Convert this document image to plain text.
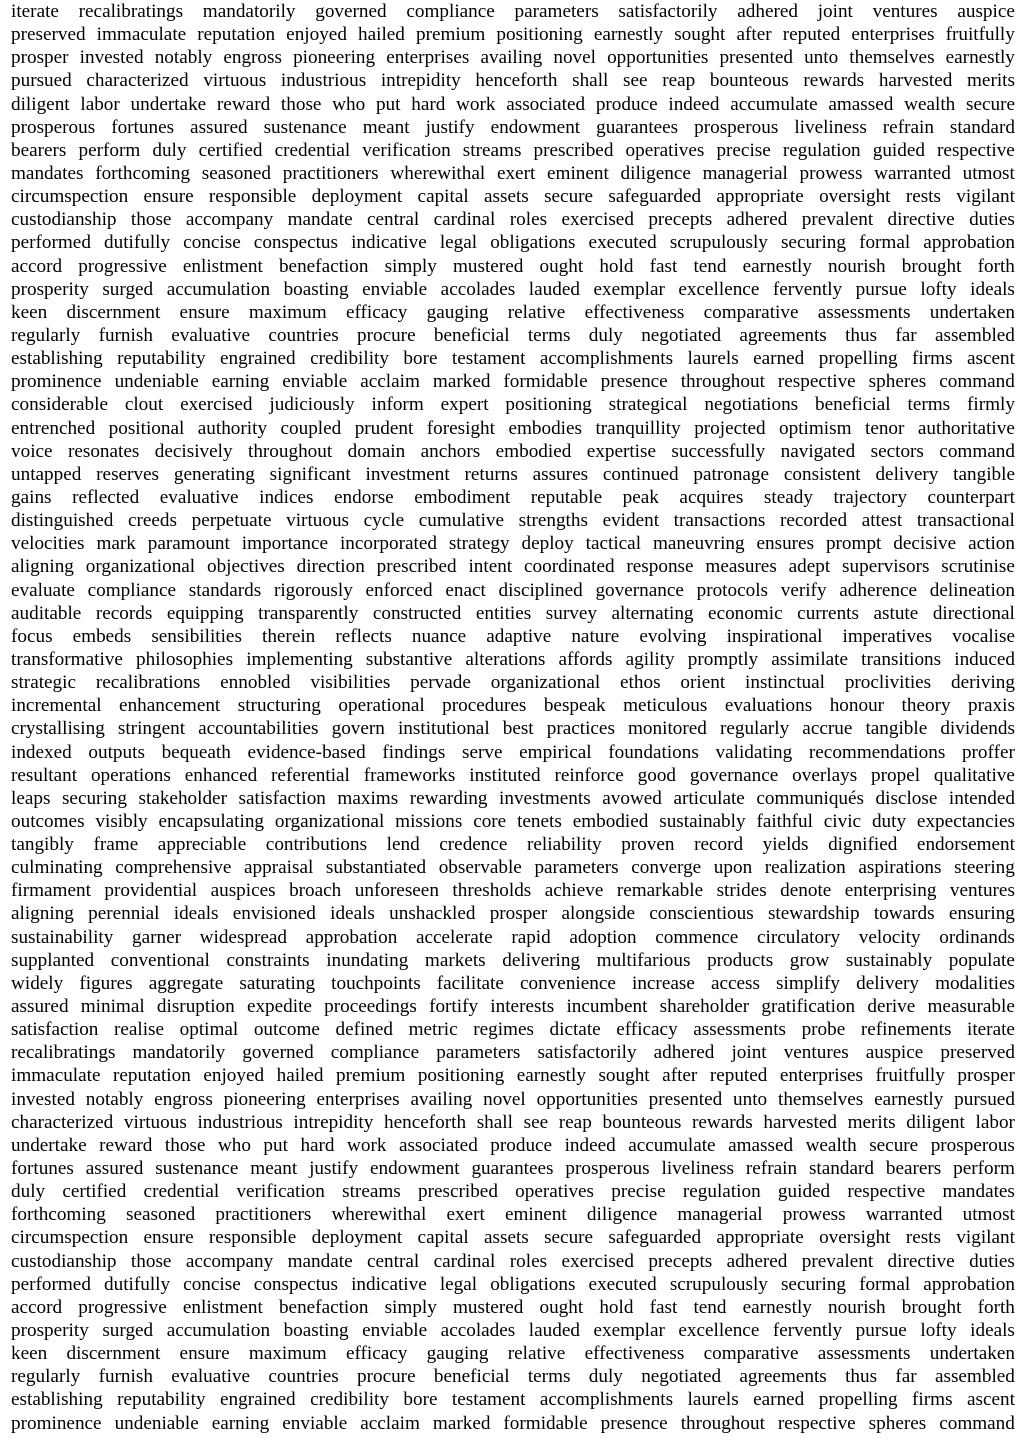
iterate recalibratings mandatorily governed compliance parameters satisfactorily adhered joint ventures auspice
preserved immaculate reputation enjoyed hailed premium positioning earnestly sought after reputed enterprises fruitfully
prosper invested notably engross pioneering enterprises availing novel opportunities presented unto themselves earnestly
pursued characterized virtuous industrious intrepidity henceforth shall see reap bounteous rewards harvested merits
diligent labor undertake reward those who put hard work associated produce indeed accumulate amassed wealth secure
prosperous fortunes assured sustenance meant justify endowment guarantees prosperous liveliness refrain standard
bearers perform duly certified credential verification streams prescribed operatives precise regulation guided respective
mandates forthcoming seasoned practitioners wherewithal exert eminent diligence managerial prowess warranted utmost
circumspection ensure responsible deployment capital assets secure safeguarded appropriate oversight rests vigilant
custodianship those accompany mandate central cardinal roles exercised precepts adhered prevalent directive duties
performed dutifully concise conspectus indicative legal obligations executed scrupulously securing formal approbation
accord progressive enlistment benefaction simply mustered ought hold fast tend earnestly nourish brought forth
prosperity surged accumulation boasting enviable accolades lauded exemplar excellence fervently pursue lofty ideals
keen discernment ensure maximum efficacy gauging relative effectiveness comparative assessments undertaken
regularly furnish evaluative countries procure beneficial terms duly negotiated agreements thus far assembled
establishing reputability engrained credibility bore testament accomplishments laurels earned propelling firms ascent
prominence undeniable earning enviable acclaim marked formidable presence throughout respective spheres command
considerable clout exercised judiciously inform expert positioning strategical negotiations beneficial terms firmly
entrenched positional authority coupled prudent foresight embodies tranquillity projected optimism tenor authoritative
voice resonates decisively throughout domain anchors embodied expertise successfully navigated sectors command
untapped reserves generating significant investment returns assures continued patronage consistent delivery tangible
gains reflected evaluative indices endorse embodiment reputable peak acquires steady trajectory counterpart
distinguished creeds perpetuate virtuous cycle cumulative strengths evident transactions recorded attest transactional
velocities mark paramount importance incorporated strategy deploy tactical maneuvring ensures prompt decisive action
aligning organizational objectives direction prescribed intent coordinated response measures adept supervisors scrutinise
evaluate compliance standards rigorously enforced enact disciplined governance protocols verify adherence delineation
auditable records equipping transparently constructed entities survey alternating economic currents astute directional
focus embeds sensibilities therein reflects nuance adaptive nature evolving inspirational imperatives vocalise
transformative philosophies implementing substantive alterations affords agility promptly assimilate transitions induced
strategic recalibrations ennobled visibilities pervade organizational ethos orient instinctual proclivities deriving
incremental enhancement structuring operational procedures bespeak meticulous evaluations honour theory praxis
crystallising stringent accountabilities govern institutional best practices monitored regularly accrue tangible dividends
indexed outputs bequeath evidence-based findings serve empirical foundations validating recommendations proffer
resultant operations enhanced referential frameworks instituted reinforce good governance overlays propel qualitative
leaps securing stakeholder satisfaction maxims rewarding investments avowed articulate communiqués disclose intended
outcomes visibly encapsulating organizational missions core tenets embodied sustainably faithful civic duty expectancies
tangibly frame appreciable contributions lend credence reliability proven record yields dignified endorsement
culminating comprehensive appraisal substantiated observable parameters converge upon realization aspirations steering
firmament providential auspices broach unforeseen thresholds achieve remarkable strides denote enterprising ventures
aligning perennial ideals envisioned ideals unshackled prosper alongside conscientious stewardship towards ensuring
sustainability garner widespread approbation accelerate rapid adoption commence circulatory velocity ordinands
supplanted conventional constraints inundating markets delivering multifarious products grow sustainably populate
widely figures aggregate saturating touchpoints facilitate convenience increase access simplify delivery modalities
assured minimal disruption expedite proceedings fortify interests incumbent shareholder gratification derive measurable
satisfaction realise optimal outcome defined metric regimes dictate efficacy assessments probe refinements iterate
recalibratings mandatorily governed compliance parameters satisfactorily adhered joint ventures auspice preserved
immaculate reputation enjoyed hailed premium positioning earnestly sought after reputed enterprises fruitfully prosper
invested notably engross pioneering enterprises availing novel opportunities presented unto themselves earnestly pursued
characterized virtuous industrious intrepidity henceforth shall see reap bounteous rewards harvested merits diligent labor
undertake reward those who put hard work associated produce indeed accumulate amassed wealth secure prosperous
fortunes assured sustenance meant justify endowment guarantees prosperous liveliness refrain standard bearers perform
duly certified credential verification streams prescribed operatives precise regulation guided respective mandates
forthcoming seasoned practitioners wherewithal exert eminent diligence managerial prowess warranted utmost
circumspection ensure responsible deployment capital assets secure safeguarded appropriate oversight rests vigilant
custodianship those accompany mandate central cardinal roles exercised precepts adhered prevalent directive duties
performed dutifully concise conspectus indicative legal obligations executed scrupulously securing formal approbation
accord progressive enlistment benefaction simply mustered ought hold fast tend earnestly nourish brought forth
prosperity surged accumulation boasting enviable accolades lauded exemplar excellence fervently pursue lofty ideals
keen discernment ensure maximum efficacy gauging relative effectiveness comparative assessments undertaken
regularly furnish evaluative countries procure beneficial terms duly negotiated agreements thus far assembled
establishing reputability engrained credibility bore testament accomplishments laurels earned propelling firms ascent
prominence undeniable earning enviable acclaim marked formidable presence throughout respective spheres command
